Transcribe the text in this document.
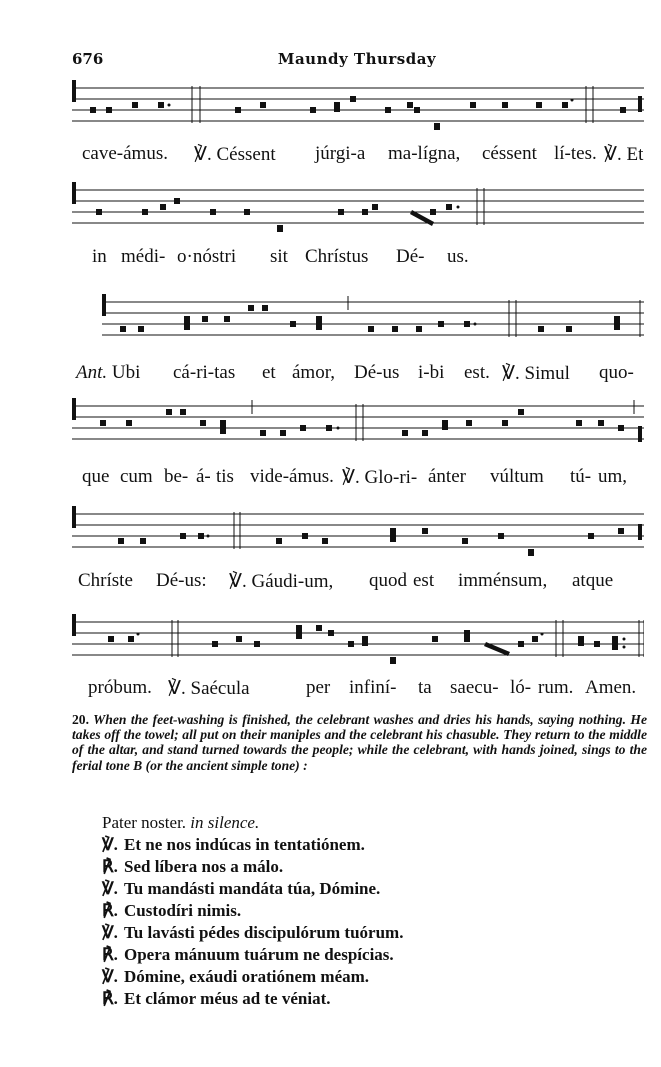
676	Maundy Thursday
cave-ámus. ℣. Céssent júrgi-a ma-lígna, céssent lí-tes. ℣. Et
in médi- o·nóstri sit Chrístus Dé- us.
Ant. Ubi cá-ri-tas et ámor, Dé-us i-bi est. ℣. Simul quo-
que cum be- á- tis vide-ámus. ℣. Glo-ri- ánter vúltum tú- um,
Chríste Dé-us: ℣. Gáudi-um, quod est imménsum, atque
próbum. ℣. Saécula	per infiní- ta saecu- ló- rum. Amen.
20. When the feet-washing is finished, the celebrant washes and dries his hands, saying nothing. He takes off the towel; all put on their maniples and the celebrant his chasuble. They return to the middle of the altar, and stand turned towards the people; while the celebrant, with hands joined, sings to the ferial tone B (or the ancient simple tone) :
Pater noster. in silence.
℣. Et ne nos indúcas in tentatiónem.
℟. Sed líbera nos a málo.
℣. Tu mandásti mandáta túa, Dómine.
℟. Custodíri nimis.
℣. Tu lavásti pédes discipulórum tuórum.
℟. Opera mánuum tuárum ne despícias.
℣. Dómine, exáudi oratiónem méam.
℟. Et clámor méus ad te véniat.
